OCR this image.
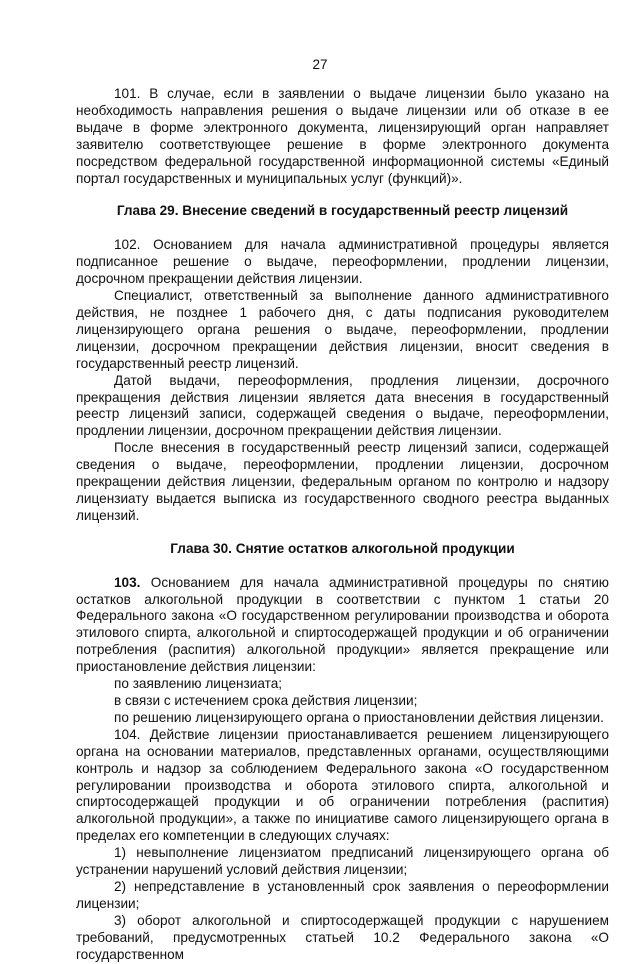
27

101. В случае, если в заявлении о выдаче лицензии было указано на необходимость направления решения о выдаче лицензии или об отказе в ее выдаче в форме электронного документа, лицензирующий орган направляет заявителю соответствующее решение в форме электронного документа посредством федеральной государственной информационной системы «Единый портал государственных и муниципальных услуг (функций)».

Глава 29. Внесение сведений в государственный реестр лицензий

102. Основанием для начала административной процедуры является подписанное решение о выдаче, переоформлении, продлении лицензии, досрочном прекращении действия лицензии.

Специалист, ответственный за выполнение данного административного действия, не позднее 1 рабочего дня, с даты подписания руководителем лицензирующего органа решения о выдаче, переоформлении, продлении лицензии, досрочном прекращении действия лицензии, вносит сведения в государственный реестр лицензий.

Датой выдачи, переоформления, продления лицензии, досрочного прекращения действия лицензии является дата внесения в государственный реестр лицензий записи, содержащей сведения о выдаче, переоформлении, продлении лицензии, досрочном прекращении действия лицензии.

После внесения в государственный реестр лицензий записи, содержащей сведения о выдаче, переоформлении, продлении лицензии, досрочном прекращении действия лицензии, федеральным органом по контролю и надзору лицензиату выдается выписка из государственного сводного реестра выданных лицензий.

Глава 30. Снятие остатков алкогольной продукции

103. Основанием для начала административной процедуры по снятию остатков алкогольной продукции в соответствии с пунктом 1 статьи 20 Федерального закона «О государственном регулировании производства и оборота этилового спирта, алкогольной и спиртосодержащей продукции и об ограничении потребления (распития) алкогольной продукции» является прекращение или приостановление действия лицензии:

по заявлению лицензиата;

в связи с истечением срока действия лицензии;

по решению лицензирующего органа о приостановлении действия лицензии.

104. Действие лицензии приостанавливается решением лицензирующего органа на основании материалов, представленных органами, осуществляющими контроль и надзор за соблюдением Федерального закона «О государственном регулировании производства и оборота этилового спирта, алкогольной и спиртосодержащей продукции и об ограничении потребления (распития) алкогольной продукции», а также по инициативе самого лицензирующего органа в пределах его компетенции в следующих случаях:

1) невыполнение лицензиатом предписаний лицензирующего органа об устранении нарушений условий действия лицензии;

2) непредставление в установленный срок заявления о переоформлении лицензии;

3) оборот алкогольной и спиртосодержащей продукции с нарушением требований, предусмотренных статьей 10.2 Федерального закона «О государственном
